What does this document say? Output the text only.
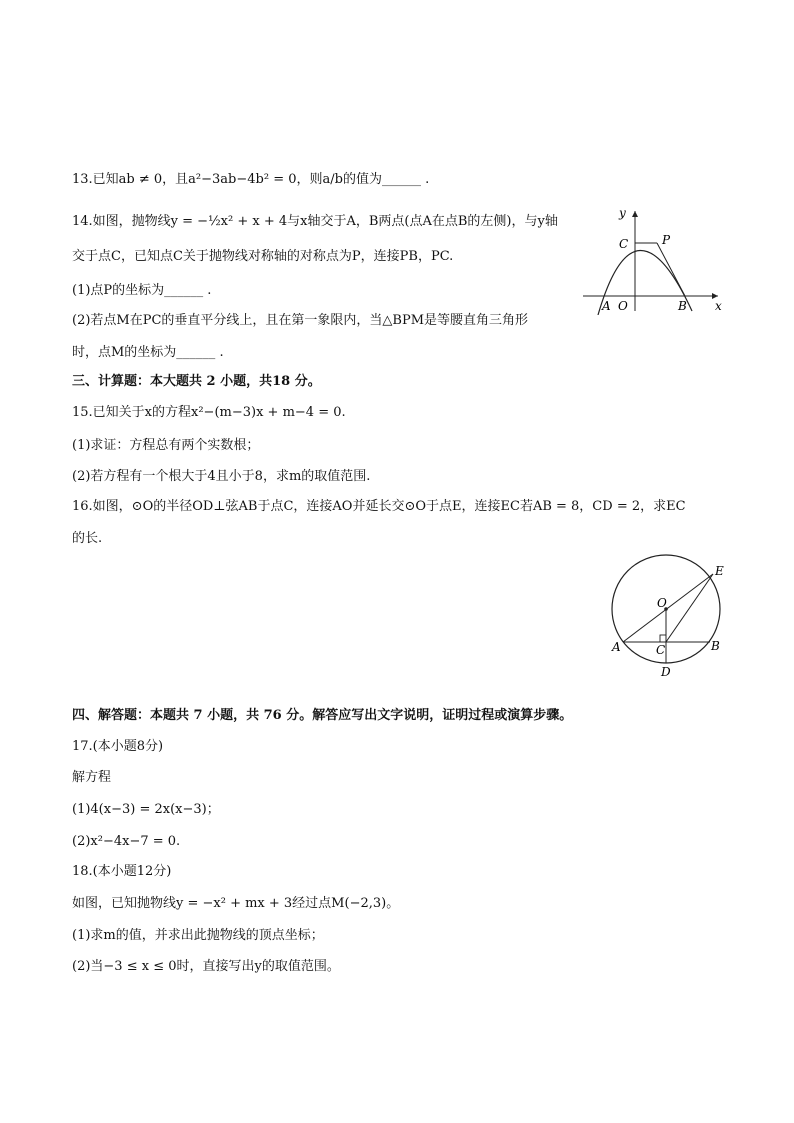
13.已知ab ≠ 0，且a²−3ab−4b² = 0，则a/b的值为______ .
14.如图，抛物线y = −½x² + x + 4与x轴交于A，B两点(点A在点B的左侧)，与y轴
交于点C，已知点C关于抛物线对称轴的对称点为P，连接PB，PC.
(1)点P的坐标为______ .
(2)若点M在PC的垂直平分线上，且在第一象限内，当△BPM是等腰直角三角形
时，点M的坐标为______ .
y
x
C	P
A O	B
三、计算题：本大题共 2 小题，共18 分。
15.已知关于x的方程x²−(m−3)x + m−4 = 0.
(1)求证：方程总有两个实数根；
(2)若方程有一个根大于4且小于8，求m的取值范围.
16.如图，⊙O的半径OD⊥弦AB于点C，连接AO并延长交⊙O于点E，连接EC若AB = 8，CD = 2，求EC
的长.
E
O
A	C	B
D
四、解答题：本题共 7 小题，共 76 分。解答应写出文字说明，证明过程或演算步骤。
17.(本小题8分)
解方程
(1)4(x−3) = 2x(x−3)；
(2)x²−4x−7 = 0.
18.(本小题12分)
如图，已知抛物线y = −x² + mx + 3经过点M(−2,3)。
(1)求m的值，并求出此抛物线的顶点坐标；
(2)当−3 ≤ x ≤ 0时，直接写出y的取值范围。
